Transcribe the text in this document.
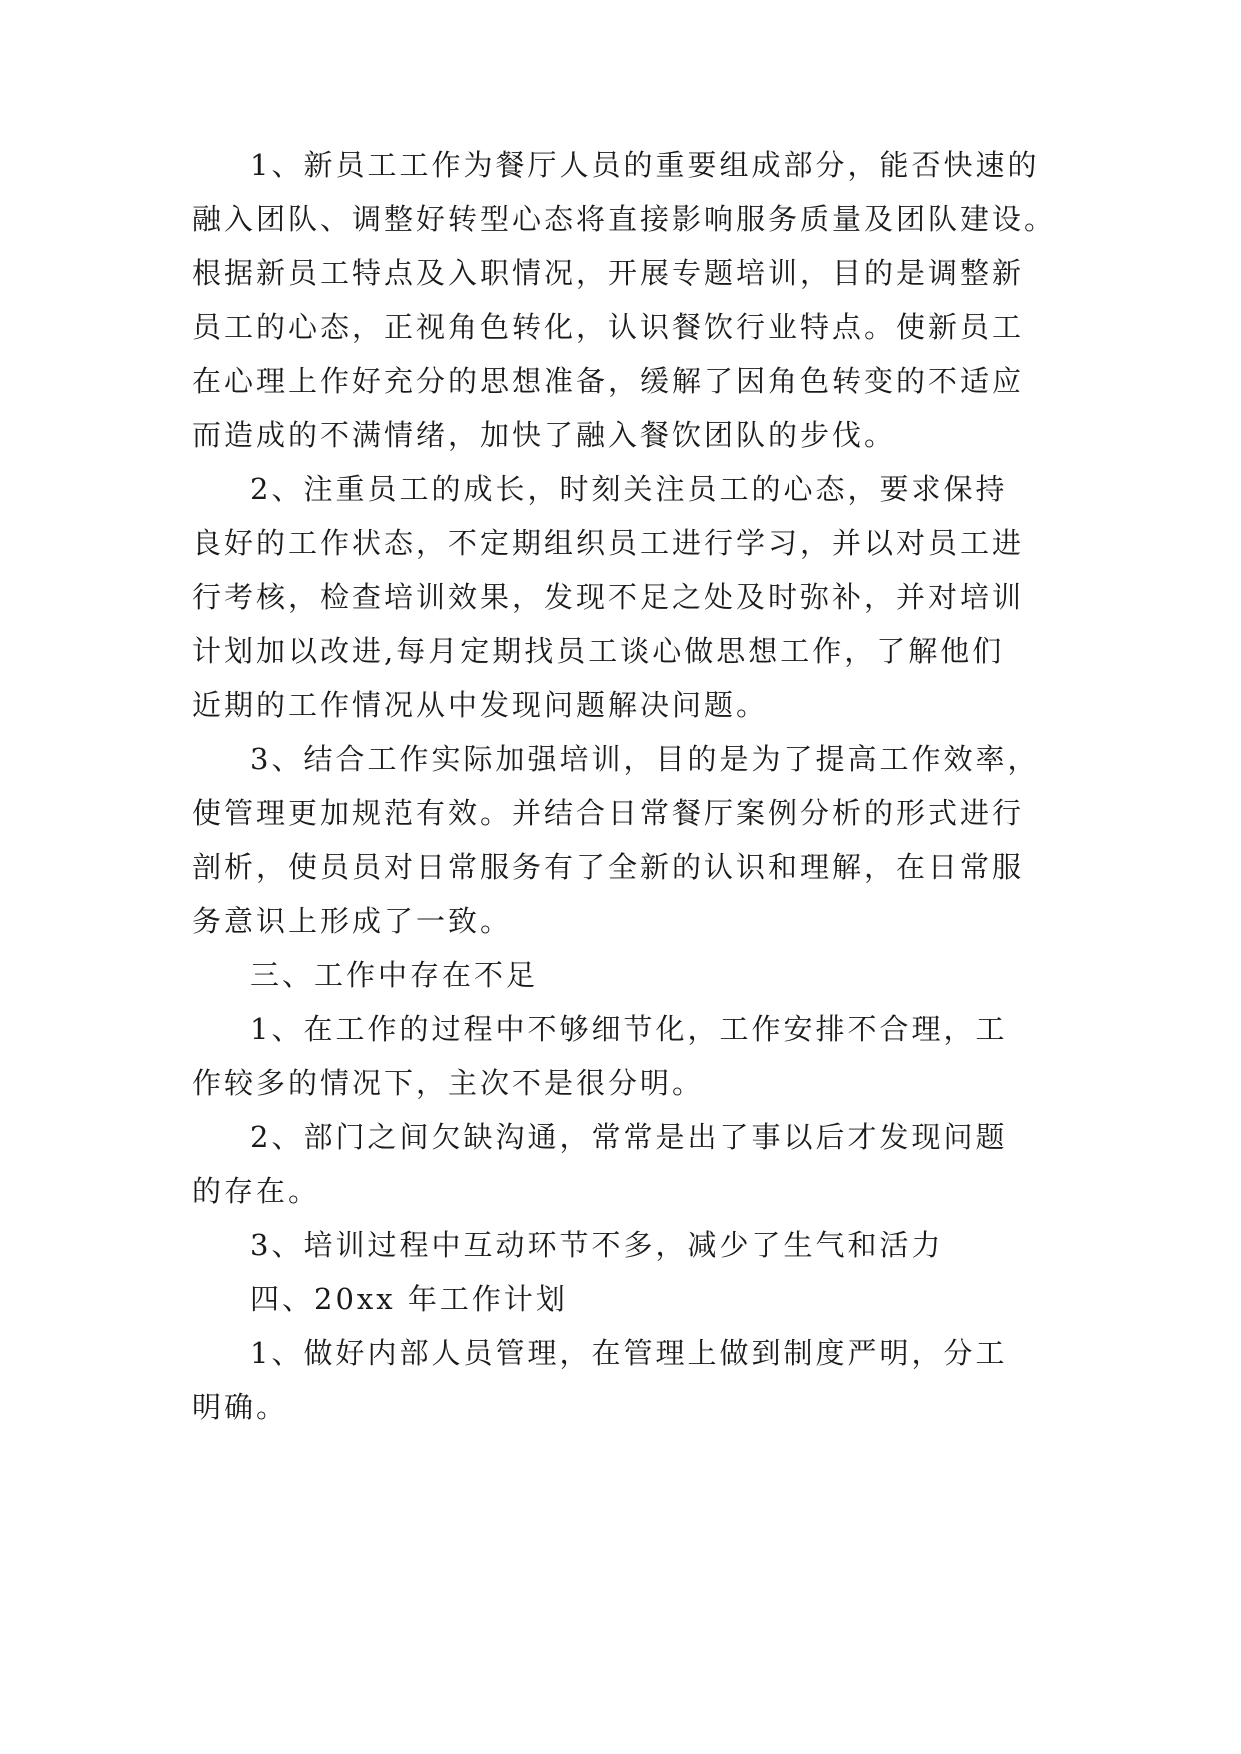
1、新员工工作为餐厅人员的重要组成部分，能否快速的
融入团队、调整好转型心态将直接影响服务质量及团队建设。
根据新员工特点及入职情况，开展专题培训，目的是调整新
员工的心态，正视角色转化，认识餐饮行业特点。使新员工
在心理上作好充分的思想准备，缓解了因角色转变的不适应
而造成的不满情绪，加快了融入餐饮团队的步伐。
2、注重员工的成长，时刻关注员工的心态，要求保持
良好的工作状态，不定期组织员工进行学习，并以对员工进
行考核，检查培训效果，发现不足之处及时弥补，并对培训
计划加以改进,每月定期找员工谈心做思想工作，了解他们
近期的工作情况从中发现问题解决问题。
3、结合工作实际加强培训，目的是为了提高工作效率，
使管理更加规范有效。并结合日常餐厅案例分析的形式进行
剖析，使员员对日常服务有了全新的认识和理解，在日常服
务意识上形成了一致。
三、工作中存在不足
1、在工作的过程中不够细节化，工作安排不合理，工
作较多的情况下，主次不是很分明。
2、部门之间欠缺沟通，常常是出了事以后才发现问题
的存在。
3、培训过程中互动环节不多，减少了生气和活力
四、20xx 年工作计划
1、做好内部人员管理，在管理上做到制度严明，分工
明确。
